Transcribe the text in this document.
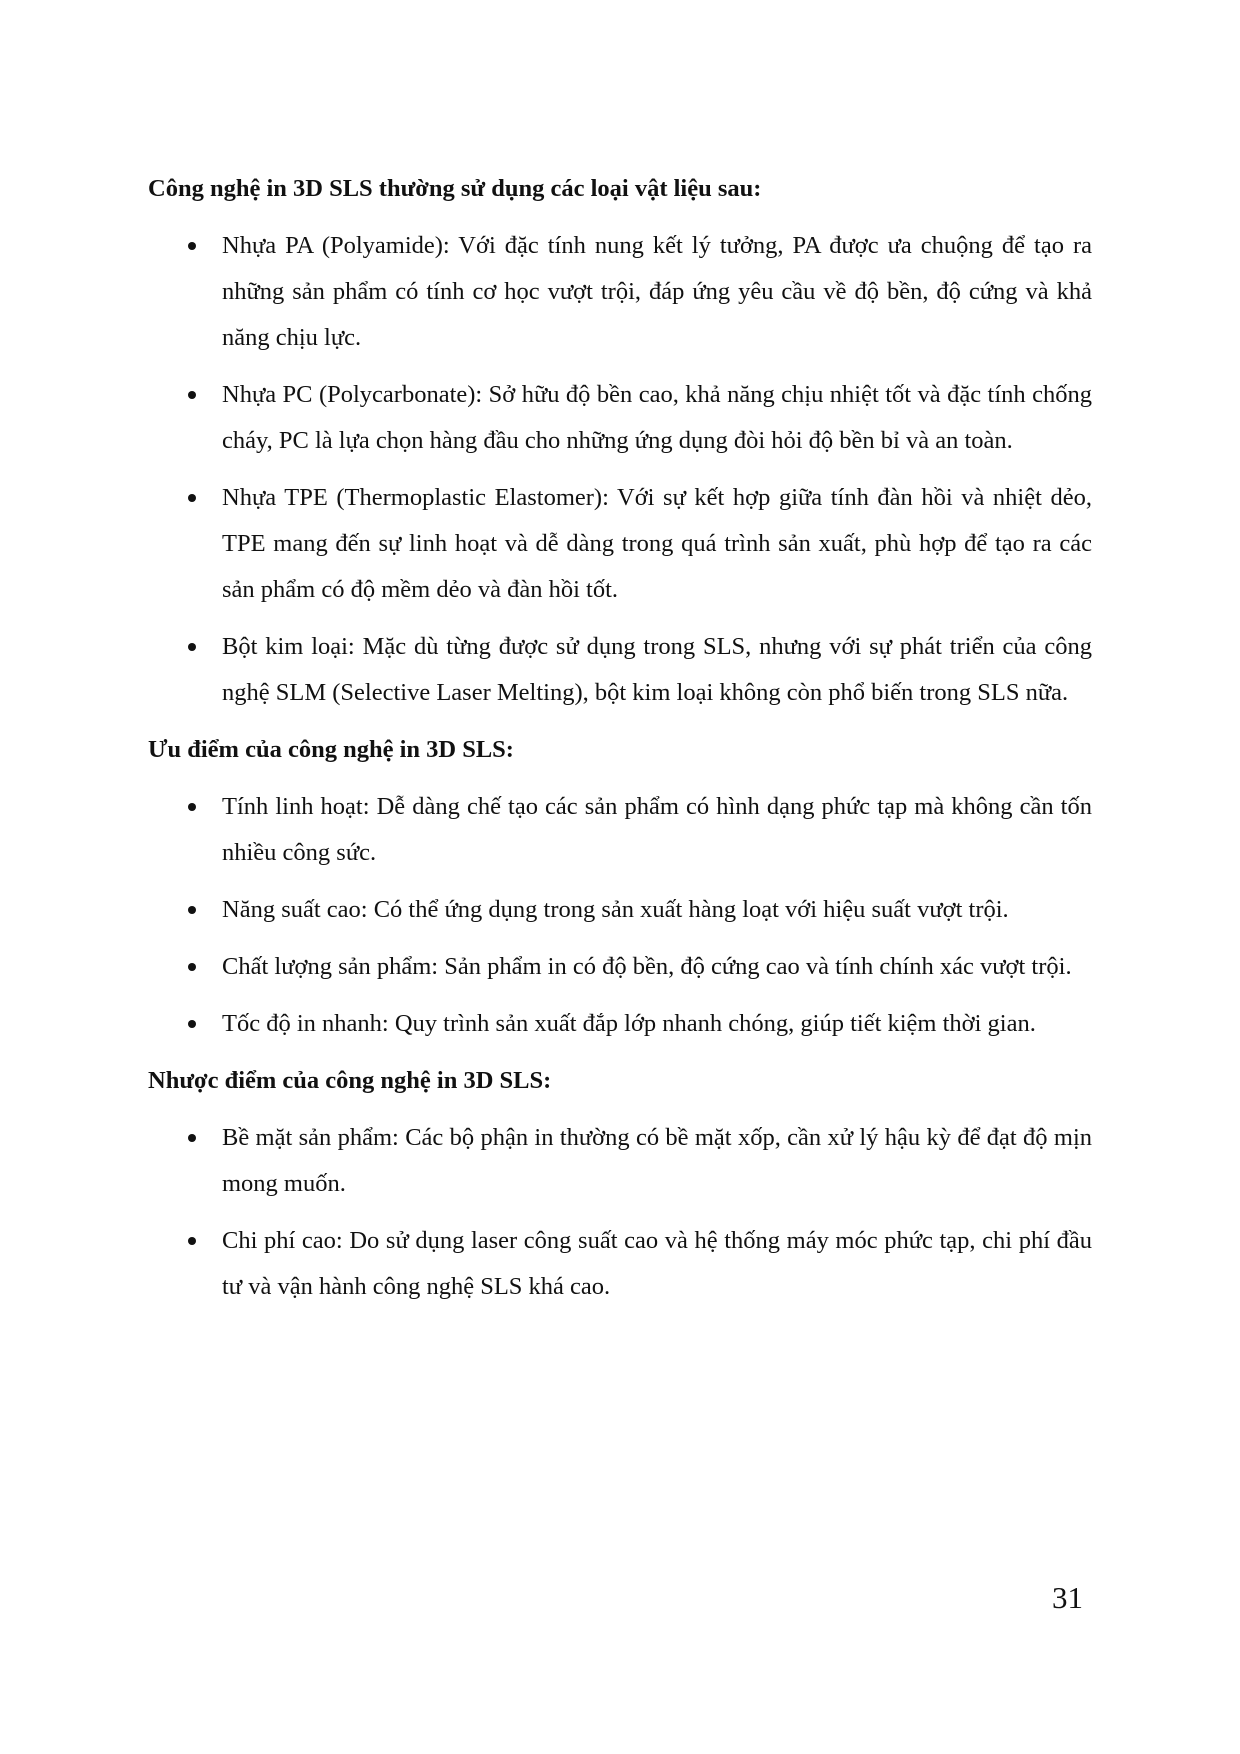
Công nghệ in 3D SLS thường sử dụng các loại vật liệu sau:

Nhựa PA (Polyamide): Với đặc tính nung kết lý tưởng, PA được ưa chuộng để tạo ra những sản phẩm có tính cơ học vượt trội, đáp ứng yêu cầu về độ bền, độ cứng và khả năng chịu lực.
Nhựa PC (Polycarbonate): Sở hữu độ bền cao, khả năng chịu nhiệt tốt và đặc tính chống cháy, PC là lựa chọn hàng đầu cho những ứng dụng đòi hỏi độ bền bỉ và an toàn.
Nhựa TPE (Thermoplastic Elastomer): Với sự kết hợp giữa tính đàn hồi và nhiệt dẻo, TPE mang đến sự linh hoạt và dễ dàng trong quá trình sản xuất, phù hợp để tạo ra các sản phẩm có độ mềm dẻo và đàn hồi tốt.
Bột kim loại: Mặc dù từng được sử dụng trong SLS, nhưng với sự phát triển của công nghệ SLM (Selective Laser Melting), bột kim loại không còn phổ biến trong SLS nữa.

Ưu điểm của công nghệ in 3D SLS:

Tính linh hoạt: Dễ dàng chế tạo các sản phẩm có hình dạng phức tạp mà không cần tốn nhiều công sức.
Năng suất cao: Có thể ứng dụng trong sản xuất hàng loạt với hiệu suất vượt trội.
Chất lượng sản phẩm: Sản phẩm in có độ bền, độ cứng cao và tính chính xác vượt trội.
Tốc độ in nhanh: Quy trình sản xuất đắp lớp nhanh chóng, giúp tiết kiệm thời gian.

Nhược điểm của công nghệ in 3D SLS:

Bề mặt sản phẩm: Các bộ phận in thường có bề mặt xốp, cần xử lý hậu kỳ để đạt độ mịn mong muốn.
Chi phí cao: Do sử dụng laser công suất cao và hệ thống máy móc phức tạp, chi phí đầu tư và vận hành công nghệ SLS khá cao.
31
